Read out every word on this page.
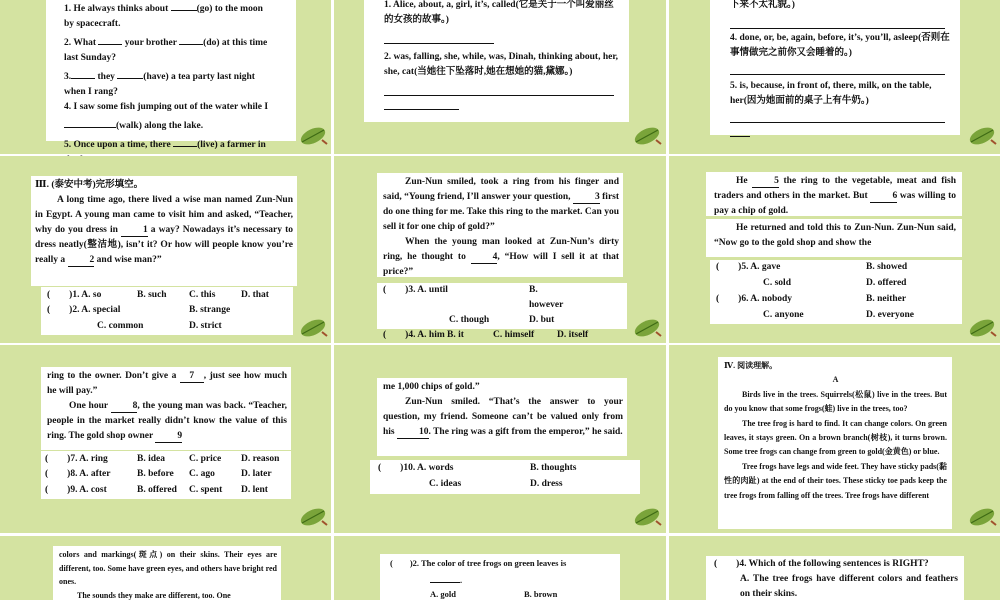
1. He always thinks about	(go) to the moon

by spacecraft.

2. What	your brother	(do) at this time

last Sunday?

3.	they	(have) a tea party last night

when I rang?

4. I saw some fish jumping out of the water while I

(walk) along the lake.

5. Once upon a time, there	(live) a farmer in

1. Alice, about, a, girl, it’s, called(它是关于一个叫爱丽丝的女孩的故事。)

2. was, falling, she, while, was, Dinah, thinking about, her, she, cat(当她往下坠落时,她在想她的猫,黛娜。)

下来不太礼貌。)

4. done, or, be, again, before, it’s, you’ll, asleep(否则在事情做完之前你又会睡着的。)

5. is, because, in front of, there, milk, on the table, her(因为她面前的桌子上有牛奶。)

Ⅲ. (泰安中考)完形填空。

A long time ago, there lived a wise man named Zun-Nun in Egypt. A young man came to visit him and asked, “Teacher, why do you dress in	1 a way? Nowadays it’s necessary to dress neatly(整洁地), isn’t it? Or how will people know you’re really a	2 and wise man?”

(　　)1. A. so	B. such	C. this	D. that
(　　)2. A. special	B. strange
C. common	D. strict

Zun-Nun smiled, took a ring from his finger and said, “Young friend, I’ll answer your question,	3 first do one thing for me. Take this ring to the market. Can you sell it for one chip of gold?”

When the young man looked at Zun-Nun’s dirty ring, he thought to	4, “How will I sell it at that price?”

(　　)3. A. until	B. however
C. though	D. but
(　　)4. A. him B. it	C. himself	D. itself

He	5 the ring to the vegetable, meat and fish traders and others in the market. But	6 was willing to pay a chip of gold.

He returned and told this to Zun-Nun. Zun-Nun said, “Now go to the gold shop and show the

(　　)5. A. gave	B. showed
C. sold	D. offered
(　　)6. A. nobody	B. neither
C. anyone	D. everyone

ring to the owner. Don’t give a 7 , just see how much he will pay.”

One hour	8, the young man was back. “Teacher, people in the market really didn’t know the value of this ring. The gold shop owner	9

(　　)7. A. ring	B. idea	C. price	D. reason
(　　)8. A. after	B. before	C. ago	D. later
(　　)9. A. cost	B. offered	C. spent	D. lent

me 1,000 chips of gold.”

Zun-Nun smiled. “That’s the answer to your question, my friend. Someone can’t be valued only from his	10. The ring was a gift from the emperor,” he said.

(　　)10. A. words	B. thoughts
C. ideas	D. dress

Ⅳ. 阅读理解。

A

Birds live in the trees. Squirrels(松鼠) live in the trees. But do you know that some frogs(蛙) live in the trees, too?

The tree frog is hard to find. It can change colors. On green leaves, it stays green. On a brown branch(树枝), it turns brown. Some tree frogs can change from green to gold(金黄色) or blue.

Tree frogs have legs and wide feet. They have sticky pads(黏性的肉趾) at the end of their toes. These sticky toe pads keep the tree frogs from falling off the trees. Tree frogs have different

colors and markings(斑点) on their skins. Their eyes are different, too. Some have green eyes, and others have bright red ones.

The sounds they make are different, too. One

(　　)2. The color of tree frogs on green leaves is

.

A. gold	B. brown

(　　)4. Which of the following sentences is RIGHT?

A. The tree frogs have different colors and feathers on their skins.
